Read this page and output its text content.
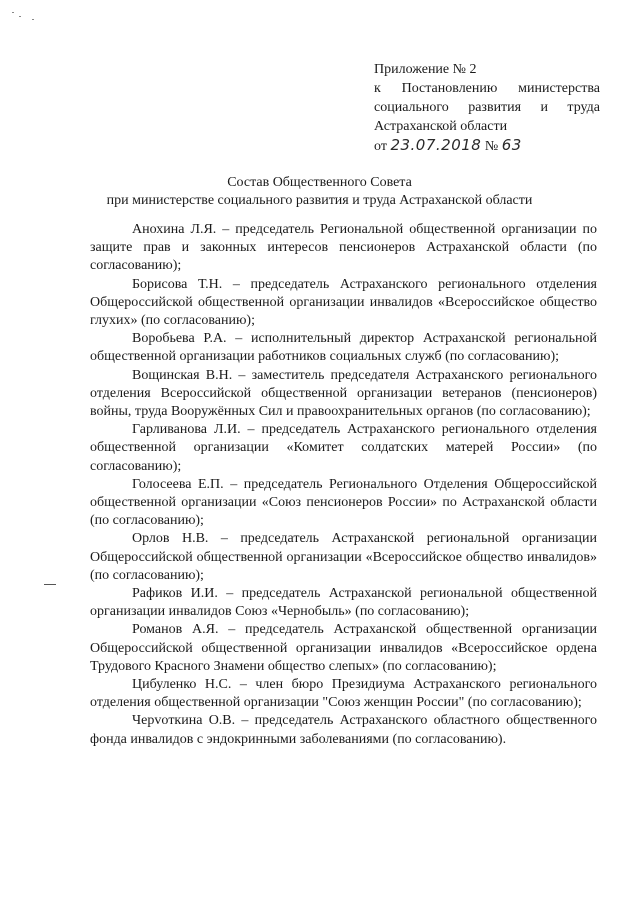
Приложение № 2
к Постановлению министерства
социального развития и труда
Астраханской области
от 23.07.2018 № 63
Состав Общественного Совета
при министерстве социального развития и труда Астраханской области

Анохина Л.Я. – председатель Региональной общественной организации по защите прав и законных интересов пенсионеров Астраханской области (по согласованию);

Борисова Т.Н. – председатель Астраханского регионального отделения Общероссийской общественной организации инвалидов «Всероссийское общество глухих» (по согласованию);

Воробьева Р.А. – исполнительный директор Астраханской региональной общественной организации работников социальных служб (по согласованию);

Вощинская В.Н. – заместитель председателя Астраханского регионального отделения Всероссийской общественной организации ветеранов (пенсионеров) войны, труда Вооружённых Сил и правоохранительных органов (по согласованию);

Гарливанова Л.И. – председатель Астраханского регионального отделения общественной организации «Комитет солдатских матерей России» (по согласованию);

Голосеева Е.П. – председатель Регионального Отделения Общероссийской общественной организации «Союз пенсионеров России» по Астраханской области (по согласованию);

Орлов Н.В. – председатель Астраханской региональной организации Общероссийской общественной организации «Всероссийское общество инвалидов» (по согласованию);

Рафиков И.И. – председатель Астраханской региональной общественной организации инвалидов Союз «Чернобыль» (по согласованию);

Романов А.Я. – председатель Астраханской общественной организации Общероссийской общественной организации инвалидов «Всероссийское ордена Трудового Красного Знамени общество слепых» (по согласованию);

Цибуленко Н.С. – член бюро Президиума Астраханского регионального отделения общественной организации "Союз женщин России" (по согласованию);

Черvoткина О.В. – председатель Астраханского областного общественного фонда инвалидов с эндокринными заболеваниями (по согласованию).
